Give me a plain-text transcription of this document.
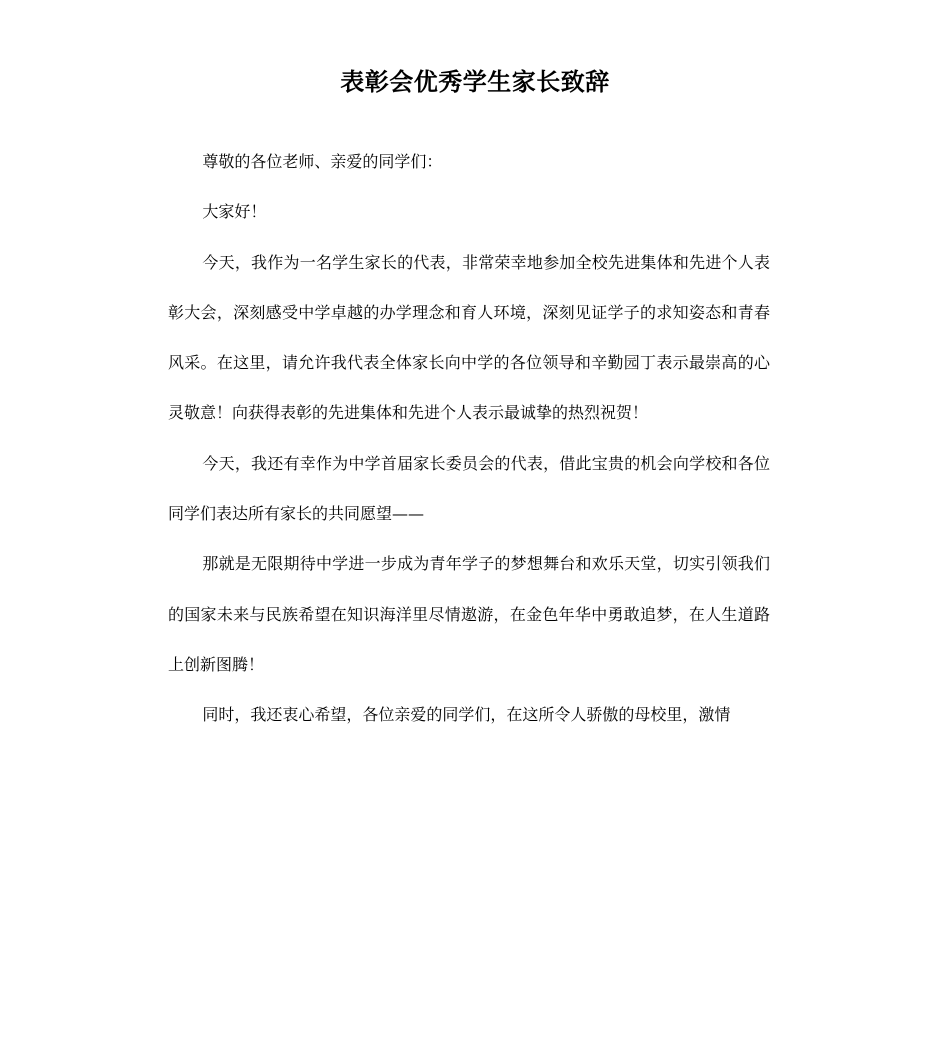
表彰会优秀学生家长致辞

尊敬的各位老师、亲爱的同学们：

大家好！

今天，我作为一名学生家长的代表，非常荣幸地参加全校先进集体和先进个人表彰大会，深刻感受中学卓越的办学理念和育人环境，深刻见证学子的求知姿态和青春风采。在这里，请允许我代表全体家长向中学的各位领导和辛勤园丁表示最崇高的心灵敬意！向获得表彰的先进集体和先进个人表示最诚挚的热烈祝贺！

今天，我还有幸作为中学首届家长委员会的代表，借此宝贵的机会向学校和各位同学们表达所有家长的共同愿望——

那就是无限期待中学进一步成为青年学子的梦想舞台和欢乐天堂，切实引领我们的国家未来与民族希望在知识海洋里尽情遨游，在金色年华中勇敢追梦，在人生道路上创新图腾！

同时，我还衷心希望，各位亲爱的同学们，在这所令人骄傲的母校里，激情
